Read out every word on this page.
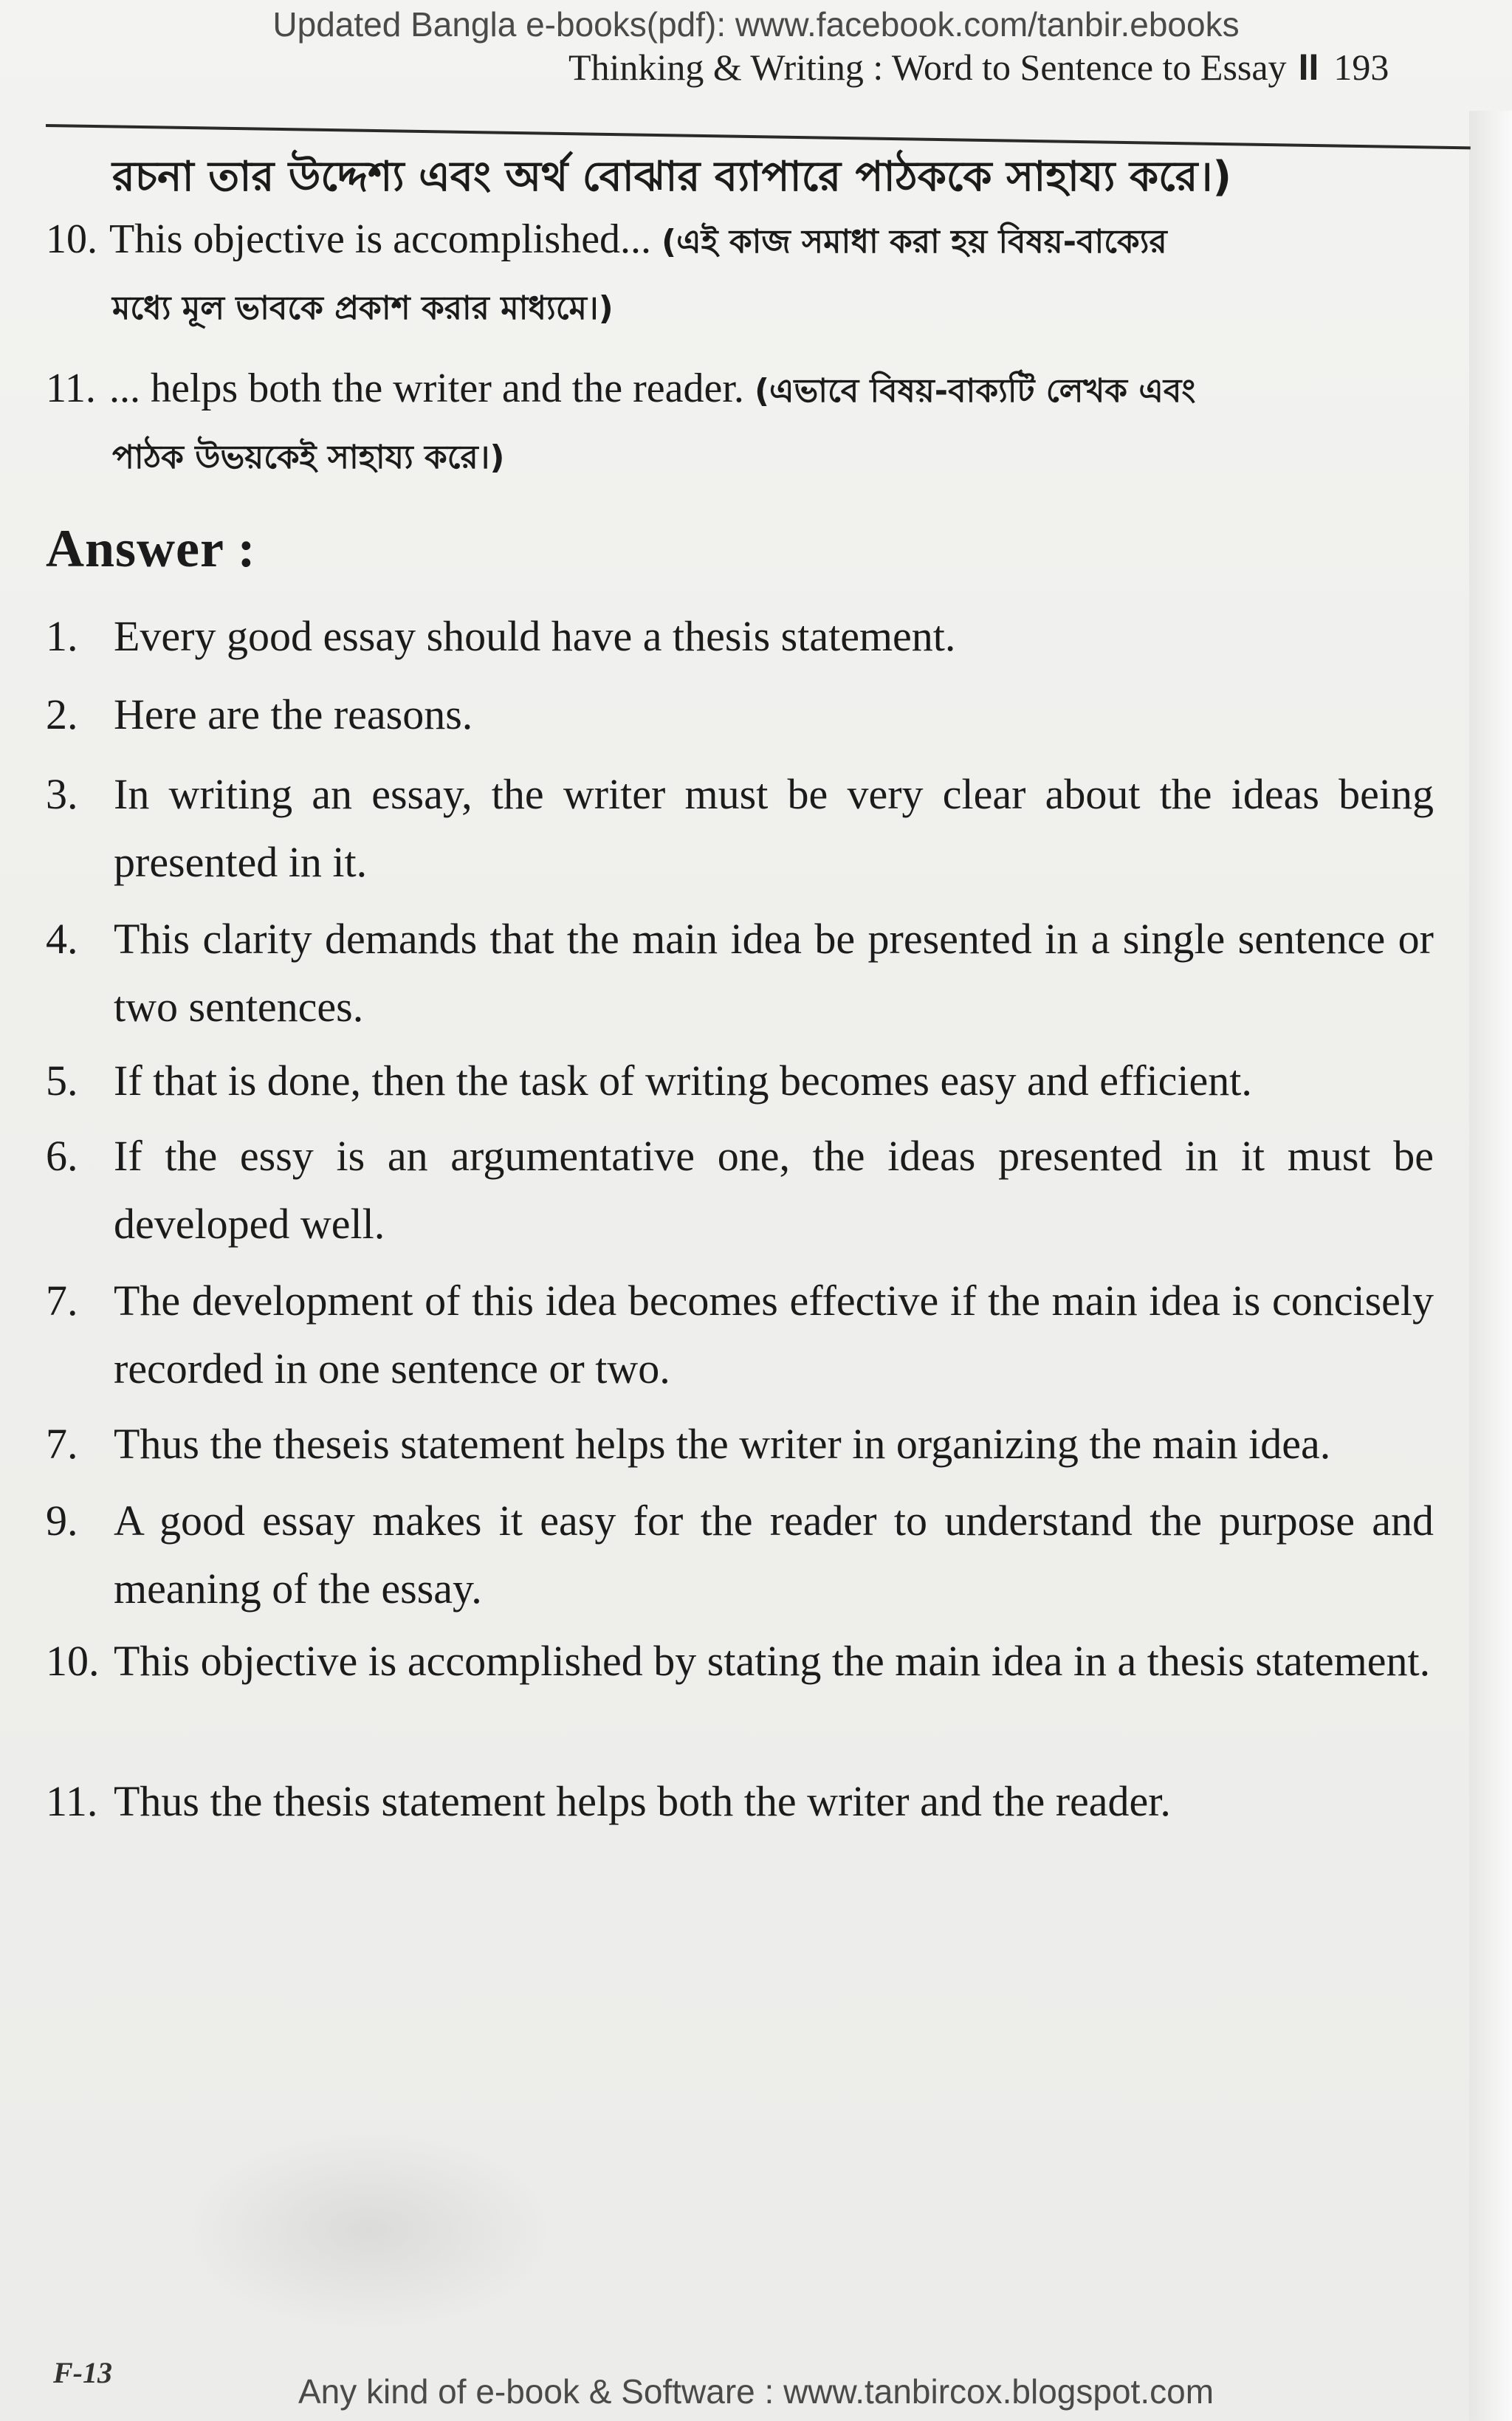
Updated Bangla e-books(pdf): www.facebook.com/tanbir.ebooks
Thinking & Writing : Word to Sentence to Essay II 193
রচনা তার উদ্দেশ্য এবং অর্থ বোঝার ব্যাপারে পাঠককে সাহায্য করে।)
10. This objective is accomplished... (এই কাজ সমাধা করা হয় বিষয়-বাক্যের
মধ্যে মূল ভাবকে প্রকাশ করার মাধ্যমে।)
11. ... helps both the writer and the reader. (এভাবে বিষয়-বাক্যটি লেখক এবং
পাঠক উভয়কেই সাহায্য করে।)
Answer :
1. Every good essay should have a thesis statement.
2. Here are the reasons.
3. In writing an essay, the writer must be very clear about the ideas being presented in it.
4. This clarity demands that the main idea be presented in a single sentence or two sentences.
5. If that is done, then the task of writing becomes easy and efficient.
6. If the essy is an argumentative one, the ideas presented in it must be developed well.
7. The development of this idea becomes effective if the main idea is concisely recorded in one sentence or two.
7. Thus the theseis statement helps the writer in organizing the main idea.
9. A good essay makes it easy for the reader to understand the purpose and meaning of the essay.
10. This objective is accomplished by stating the main idea in a thesis statement.
11. Thus the thesis statement helps both the writer and the reader.
F-13	Any kind of e-book & Software : www.tanbircox.blogspot.com
